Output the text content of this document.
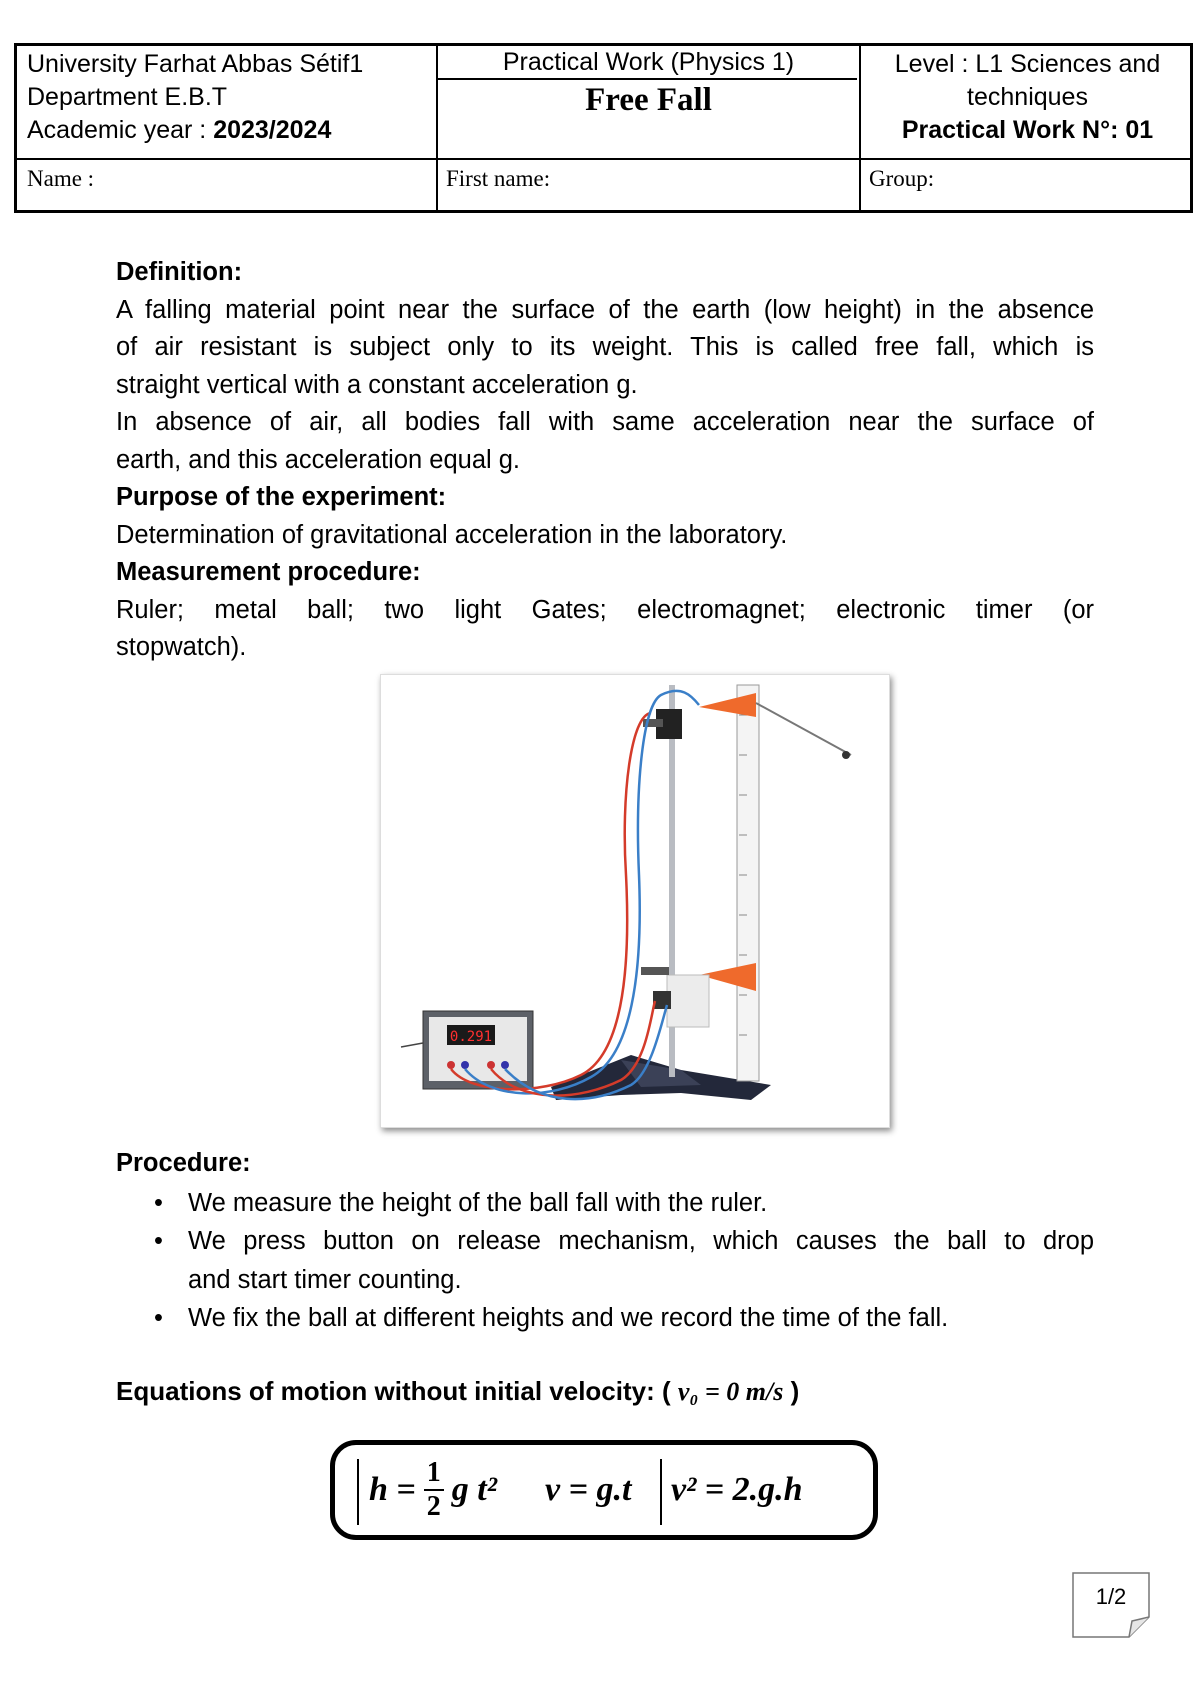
University Farhat Abbas Sétif1
Department E.B.T
Academic year : 2023/2024
Practical Work (Physics 1)
Free Fall
Level : L1 Sciences and
techniques
Practical Work N°: 01
Name :	First name:	Group:

Definition:

A falling material point near the surface of the earth (low height) in the absence

of air resistant is subject only to its weight. This is called free fall, which is

straight vertical with a constant acceleration g.

In absence of air, all bodies fall with same acceleration near the surface of

earth, and this acceleration equal g.

Purpose of the experiment:

Determination of gravitational acceleration in the laboratory.

Measurement procedure:

Ruler; metal ball; two light Gates; electromagnet; electronic timer (or

stopwatch).

0.291
Procedure:
• We measure the height of the ball fall with the ruler.
• We press button on release mechanism, which causes the ball to drop
and start timer counting.
• We fix the ball at different heights and we record the time of the fall.
Equations of motion without initial velocity: ( v₀ = 0 m/s )
h = 1
2 g t² v = g.t v² = 2.g.h
1/2
